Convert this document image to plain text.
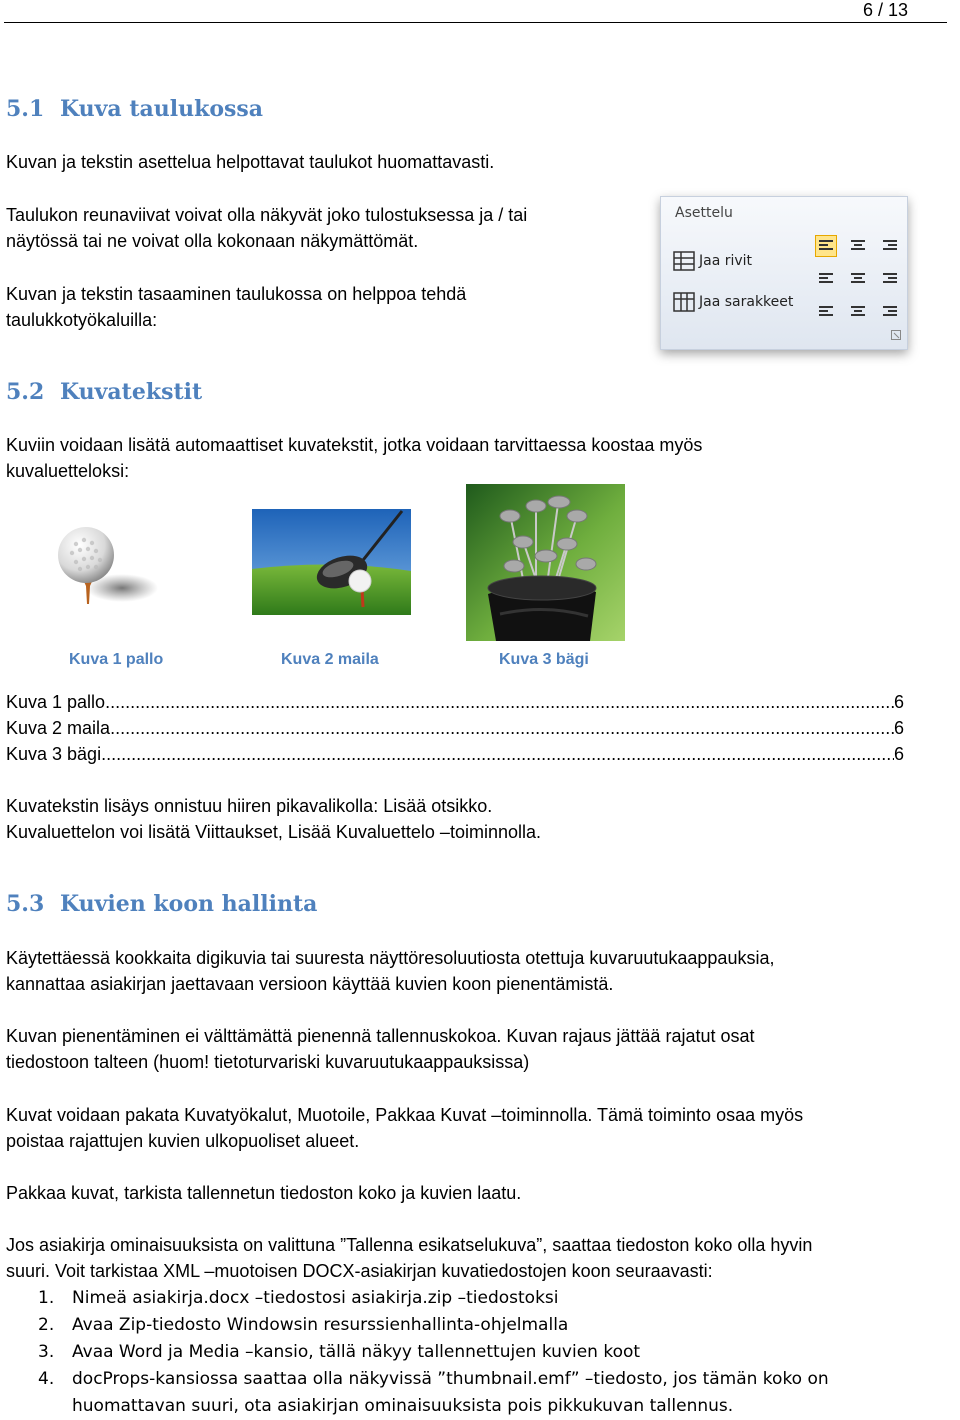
6 / 13
5.1 Kuva taulukossa

Kuvan ja tekstin asettelua helpottavat taulukot huomattavasti.

Taulukon reunaviivat voivat olla näkyvät joko tulostuksessa ja / tai
näytössä tai ne voivat olla kokonaan näkymättömät.

Kuvan ja tekstin tasaaminen taulukossa on helppoa tehdä
taulukkotyökaluilla:

Asettelu
Jaa rivit
Jaa sarakkeet
5.2 Kuvatekstit

Kuviin voidaan lisätä automaattiset kuvatekstit, jotka voidaan tarvittaessa koostaa myös
kuvaluetteloksi:

Kuva 1 pallo	Kuva 2 maila	Kuva 3 bägi
Kuva 1 pallo .....	6
Kuva 2 maila .....	6
Kuva 3 bägi .....	6

Kuvatekstin lisäys onnistuu hiiren pikavalikolla: Lisää otsikko.
Kuvaluettelon voi lisätä Viittaukset, Lisää Kuvaluettelo –toiminnolla.

5.3 Kuvien koon hallinta

Käytettäessä kookkaita digikuvia tai suuresta näyttöresoluutiosta otettuja kuvaruutukaappauksia,
kannattaa asiakirjan jaettavaan versioon käyttää kuvien koon pienentämistä.

Kuvan pienentäminen ei välttämättä pienennä tallennuskokoa. Kuvan rajaus jättää rajatut osat
tiedostoon talteen (huom! tietoturvariski kuvaruutukaappauksissa)

Kuvat voidaan pakata Kuvatyökalut, Muotoile, Pakkaa Kuvat –toiminnolla. Tämä toiminto osaa myös
poistaa rajattujen kuvien ulkopuoliset alueet.

Pakkaa kuvat, tarkista tallennetun tiedoston koko ja kuvien laatu.

Jos asiakirja ominaisuuksista on valittuna ”Tallenna esikatselukuva”, saattaa tiedoston koko olla hyvin
suuri. Voit tarkistaa XML –muotoisen DOCX-asiakirjan kuvatiedostojen koon seuraavasti:

1.	Nimeä asiakirja.docx –tiedostosi asiakirja.zip –tiedostoksi
2.	Avaa Zip-tiedosto Windowsin resurssienhallinta-ohjelmalla
3.	Avaa Word ja Media –kansio, tällä näkyy tallennettujen kuvien koot
4.	docProps-kansiossa saattaa olla näkyvissä ”thumbnail.emf” –tiedosto, jos tämän koko on
huomattavan suuri, ota asiakirjan ominaisuuksista pois pikkukuvan tallennus.
